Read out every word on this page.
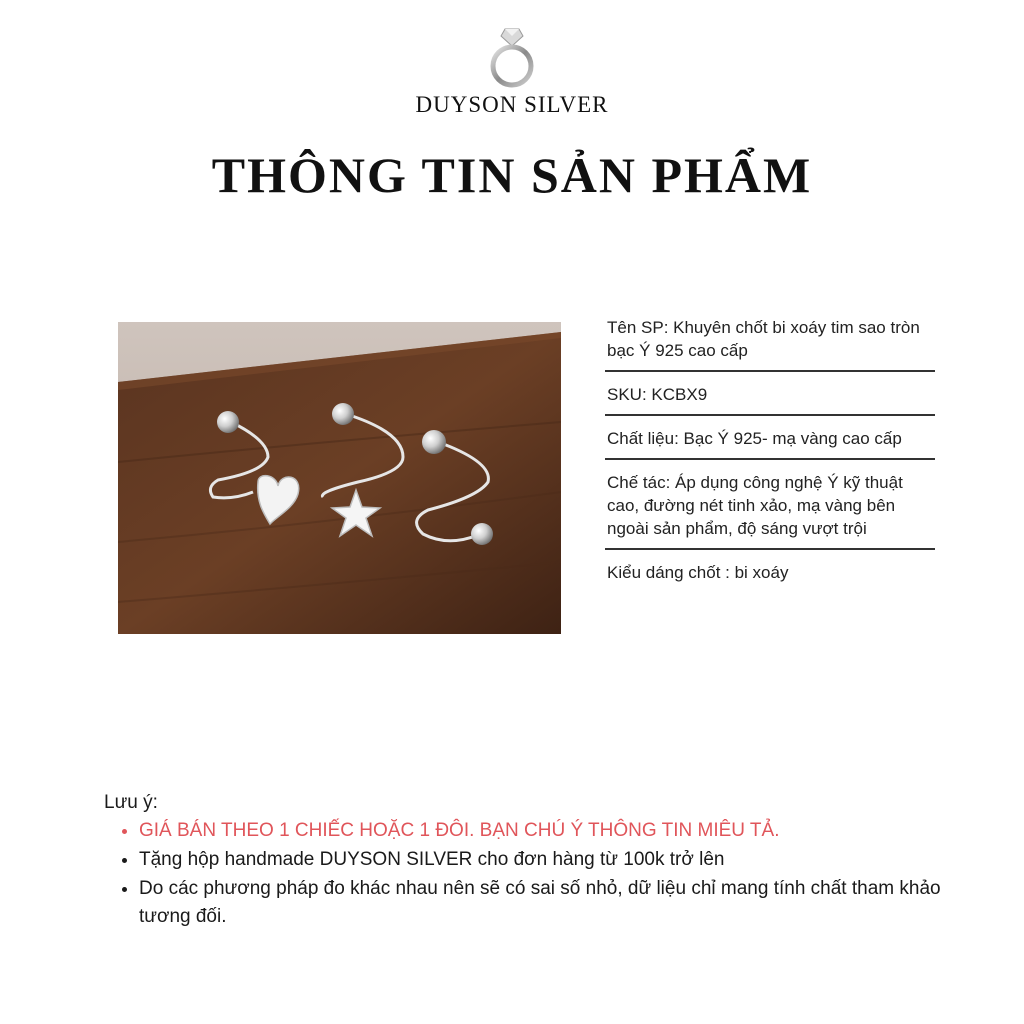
DUYSON SILVER
THÔNG TIN SẢN PHẨM
Tên SP: Khuyên chốt bi xoáy tim sao tròn bạc Ý 925 cao cấp
SKU: KCBX9
Chất liệu: Bạc Ý 925- mạ vàng cao cấp
Chế tác: Áp dụng công nghệ Ý kỹ thuật cao, đường nét tinh xảo, mạ vàng bên ngoài sản phẩm, độ sáng vượt trội
Kiểu dáng chốt : bi xoáy
Lưu ý:
• GIÁ BÁN THEO 1 CHIẾC HOẶC 1 ĐÔI. BẠN CHÚ Ý THÔNG TIN MIÊU TẢ.
• Tặng hộp handmade DUYSON SILVER cho đơn hàng từ 100k trở lên
• Do các phương pháp đo khác nhau nên sẽ có sai số nhỏ, dữ liệu chỉ mang tính chất tham khảo tương đối.
